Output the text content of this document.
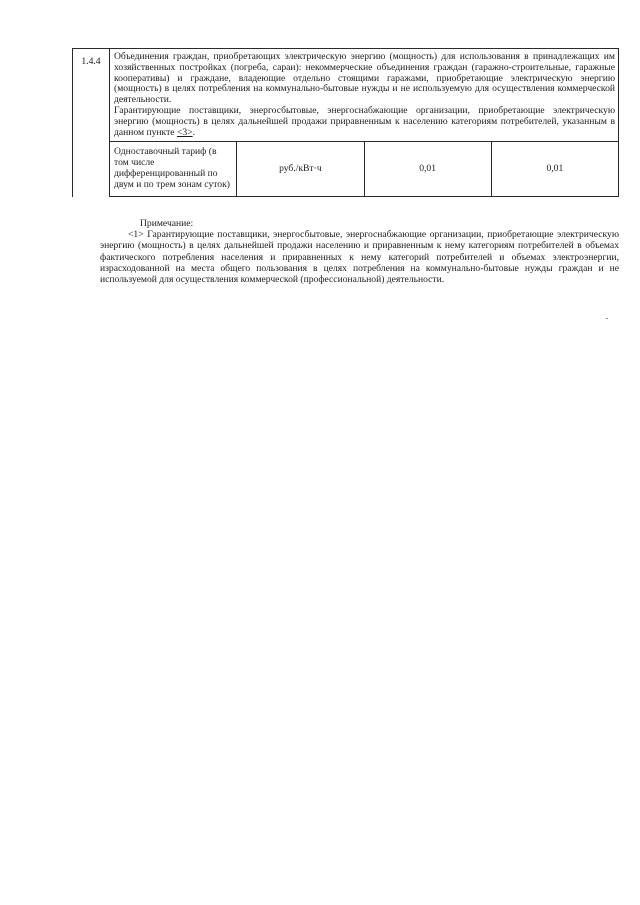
1.4.4	Объединения граждан, приобретающих электрическую энергию (мощность) для использования в принадлежащих им хозяйственных постройках (погреба, сараи): некоммерческие объединения граждан (гаражно-строительные, гаражные кооперативы) и граждане, владеющие отдельно стоящими гаражами, приобретающие электрическую энергию (мощность) в целях потребления на коммунально-бытовые нужды и не используемую для осуществления коммерческой деятельности.

Гарантирующие поставщики, энергосбытовые, энергоснабжающие организации, приобретающие электрическую энергию (мощность) в целях дальнейшей продажи приравненным к населению категориям потребителей, указанным в данном пункте <3>.			

	Одноставочный тариф (в том числе дифференцированный по двум и по трем зонам суток)	руб./кВт·ч	0,01	0,01

Примечание:

<1> Гарантирующие поставщики, энергосбытовые, энергоснабжающие организации, приобретающие электрическую энергию (мощность) в целях дальнейшей продажи населению и приравненным к нему категориям потребителей в объемах фактического потребления населения и приравненных к нему категорий потребителей и объемах электроэнергии, израсходованной на места общего пользования в целях потребления на коммунально-бытовые нужды граждан и не используемой для осуществления коммерческой (профессиональной) деятельности.
